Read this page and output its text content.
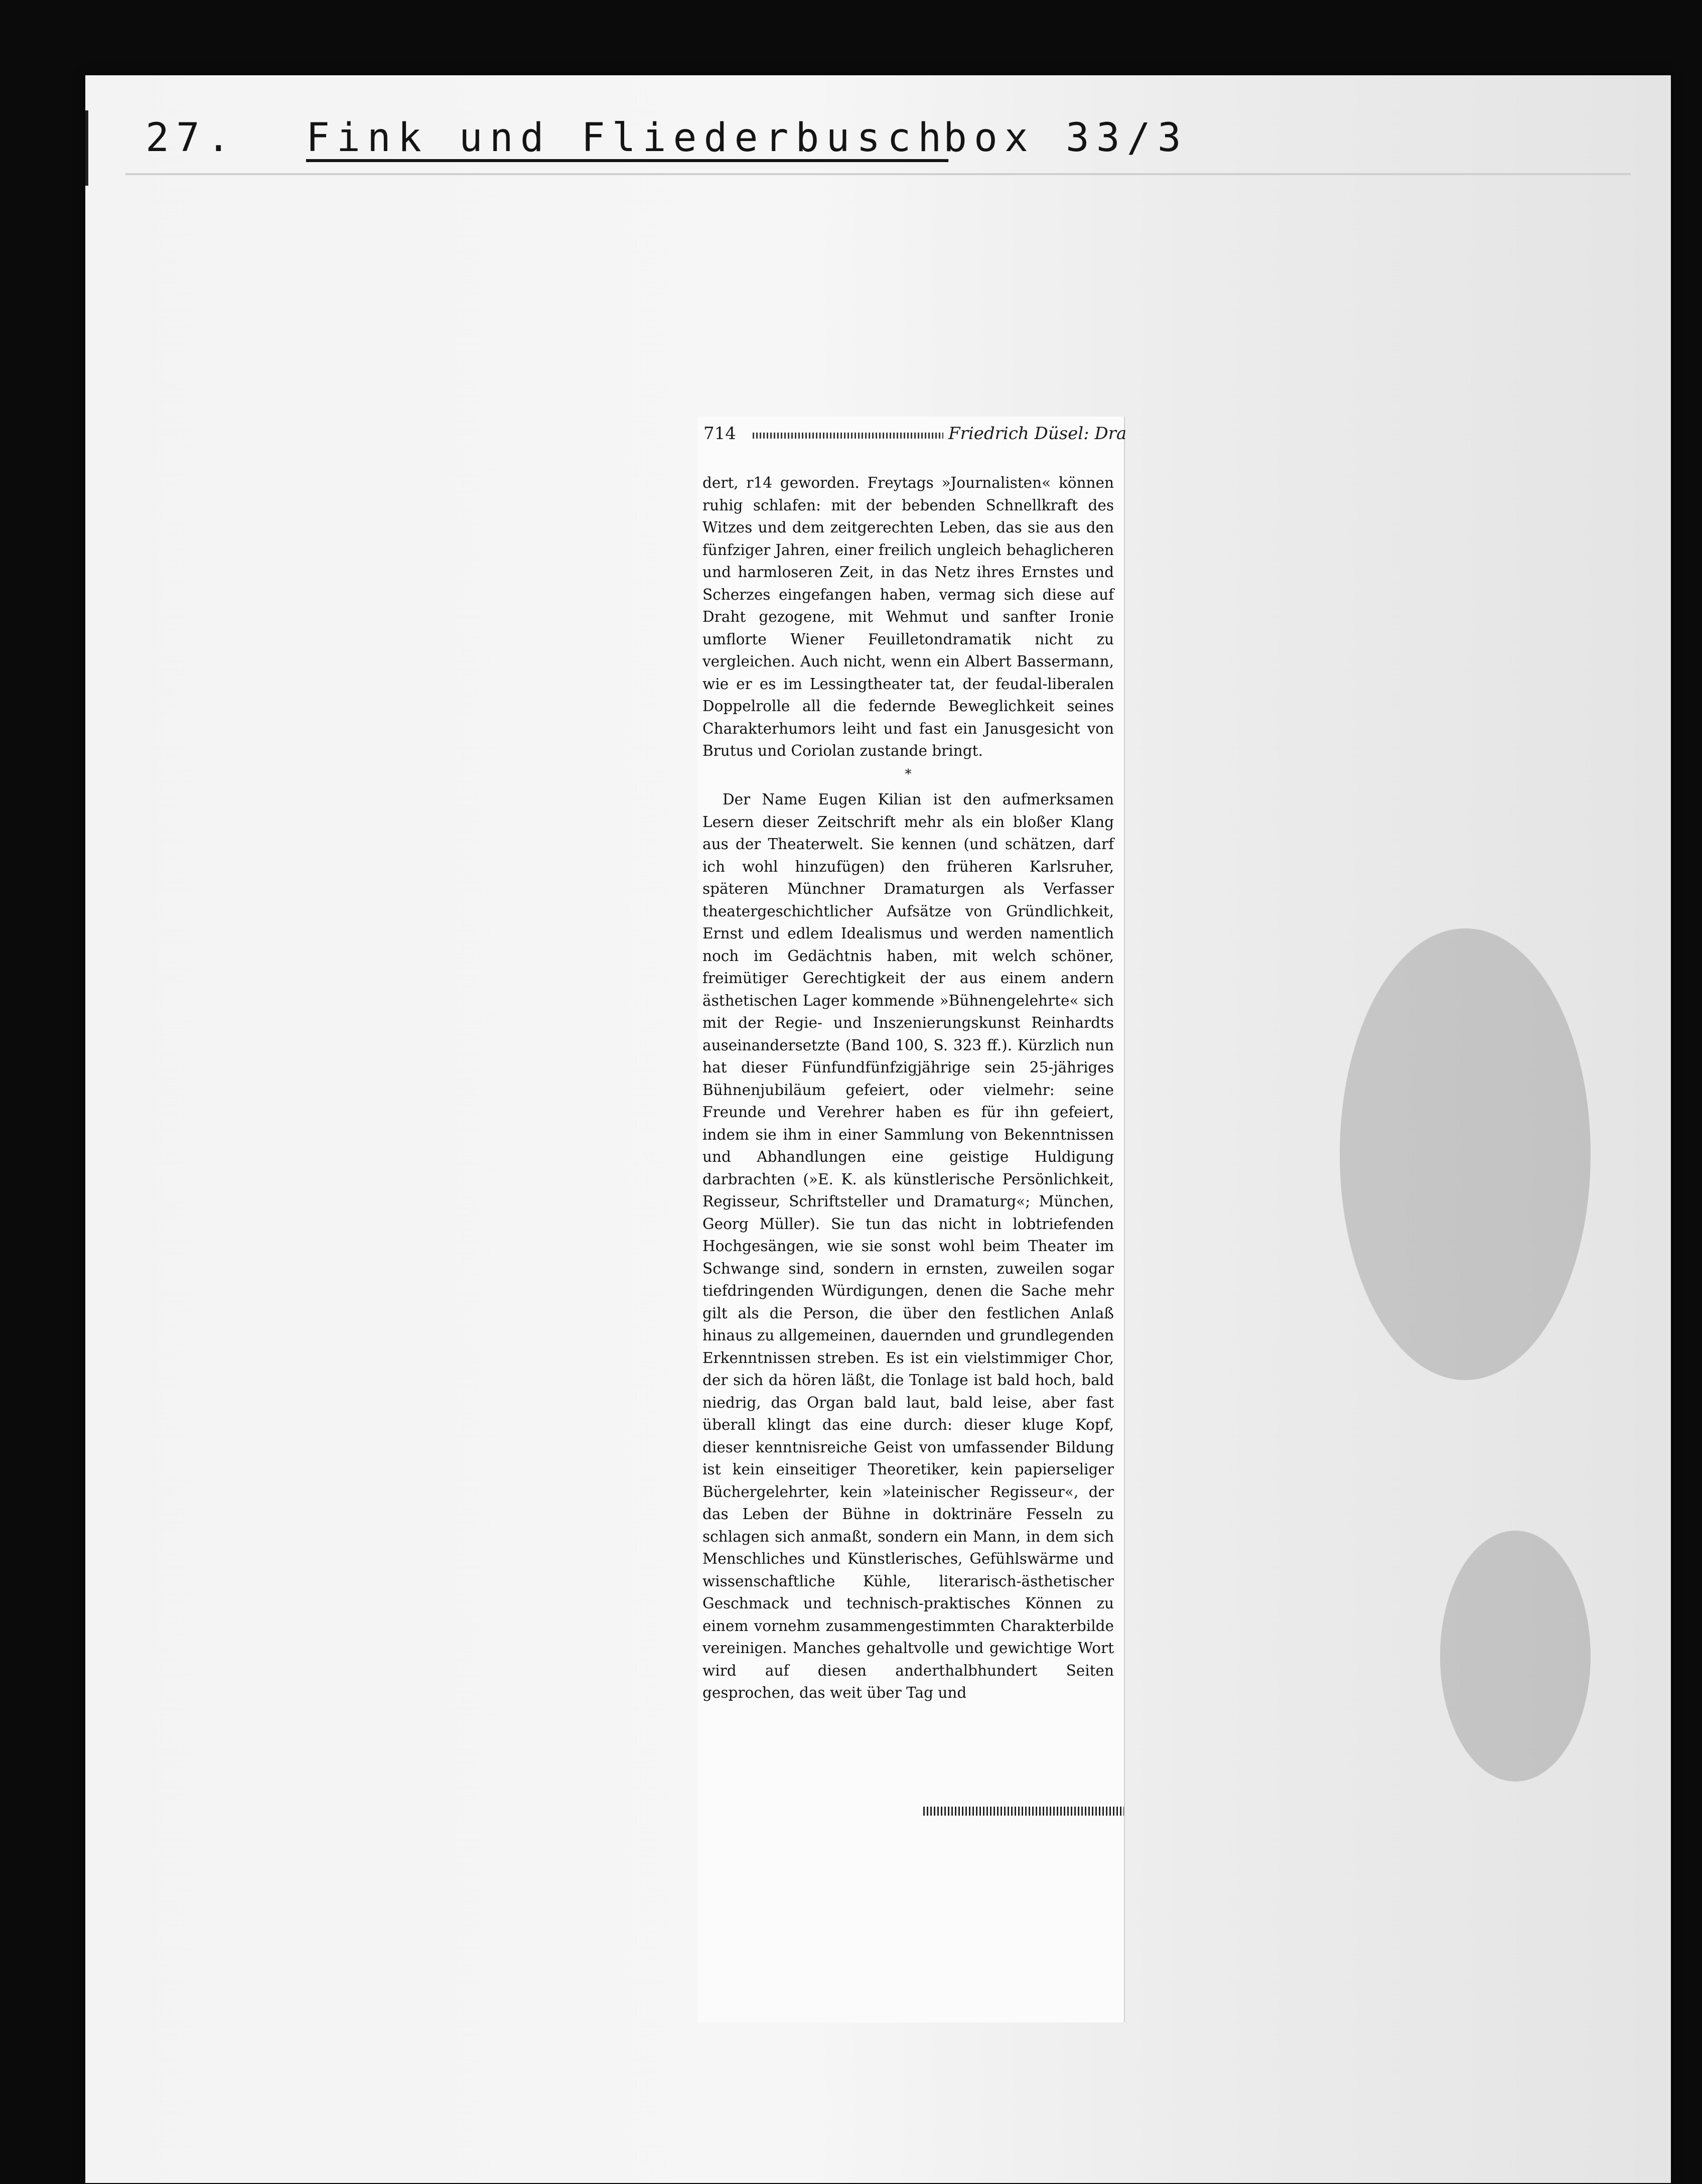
27. Fink und Fliederbusch
box 33/3
714	Friedrich Düsel: Dra

dert, r14 geworden. Freytags »Journalisten« können ruhig schlafen: mit der bebenden Schnellkraft des Witzes und dem zeitgerechten Leben, das sie aus den fünfziger Jahren, einer freilich ungleich behaglicheren und harmloseren Zeit, in das Netz ihres Ernstes und Scherzes eingefangen haben, vermag sich diese auf Draht gezogene, mit Wehmut und sanfter Ironie umflorte Wiener Feuilletondramatik nicht zu vergleichen. Auch nicht, wenn ein Albert Bassermann, wie er es im Lessingtheater tat, der feudal-liberalen Doppelrolle all die federnde Beweglichkeit seines Charakterhumors leiht und fast ein Janusgesicht von Brutus und Coriolan zustande bringt.

*

Der Name Eugen Kilian ist den aufmerksamen Lesern dieser Zeitschrift mehr als ein bloßer Klang aus der Theaterwelt. Sie kennen (und schätzen, darf ich wohl hinzufügen) den früheren Karlsruher, späteren Münchner Dramaturgen als Verfasser theatergeschichtlicher Aufsätze von Gründlichkeit, Ernst und edlem Idealismus und werden namentlich noch im Gedächtnis haben, mit welch schöner, freimütiger Gerechtigkeit der aus einem andern ästhetischen Lager kommende »Bühnengelehrte« sich mit der Regie- und Inszenierungskunst Reinhardts auseinandersetzte (Band 100, S. 323 ff.). Kürzlich nun hat dieser Fünfundfünfzigjährige sein 25-jähriges Bühnenjubiläum gefeiert, oder vielmehr: seine Freunde und Verehrer haben es für ihn gefeiert, indem sie ihm in einer Sammlung von Bekenntnissen und Abhandlungen eine geistige Huldigung darbrachten (»E. K. als künstlerische Persönlichkeit, Regisseur, Schriftsteller und Dramaturg«; München, Georg Müller). Sie tun das nicht in lobtriefenden Hochgesängen, wie sie sonst wohl beim Theater im Schwange sind, sondern in ernsten, zuweilen sogar tiefdringenden Würdigungen, denen die Sache mehr gilt als die Person, die über den festlichen Anlaß hinaus zu allgemeinen, dauernden und grundlegenden Erkenntnissen streben. Es ist ein vielstimmiger Chor, der sich da hören läßt, die Tonlage ist bald hoch, bald niedrig, das Organ bald laut, bald leise, aber fast überall klingt das eine durch: dieser kluge Kopf, dieser kenntnisreiche Geist von umfassender Bildung ist kein einseitiger Theoretiker, kein papierseliger Büchergelehrter, kein »lateinischer Regisseur«, der das Leben der Bühne in doktrinäre Fesseln zu schlagen sich anmaßt, sondern ein Mann, in dem sich Menschliches und Künstlerisches, Gefühlswärme und wissenschaftliche Kühle, literarisch-ästhetischer Geschmack und technisch-praktisches Können zu einem vornehm zusammengestimmten Charakterbilde vereinigen. Manches gehaltvolle und gewichtige Wort wird auf diesen anderthalbhundert Seiten gesprochen, das weit über Tag und
